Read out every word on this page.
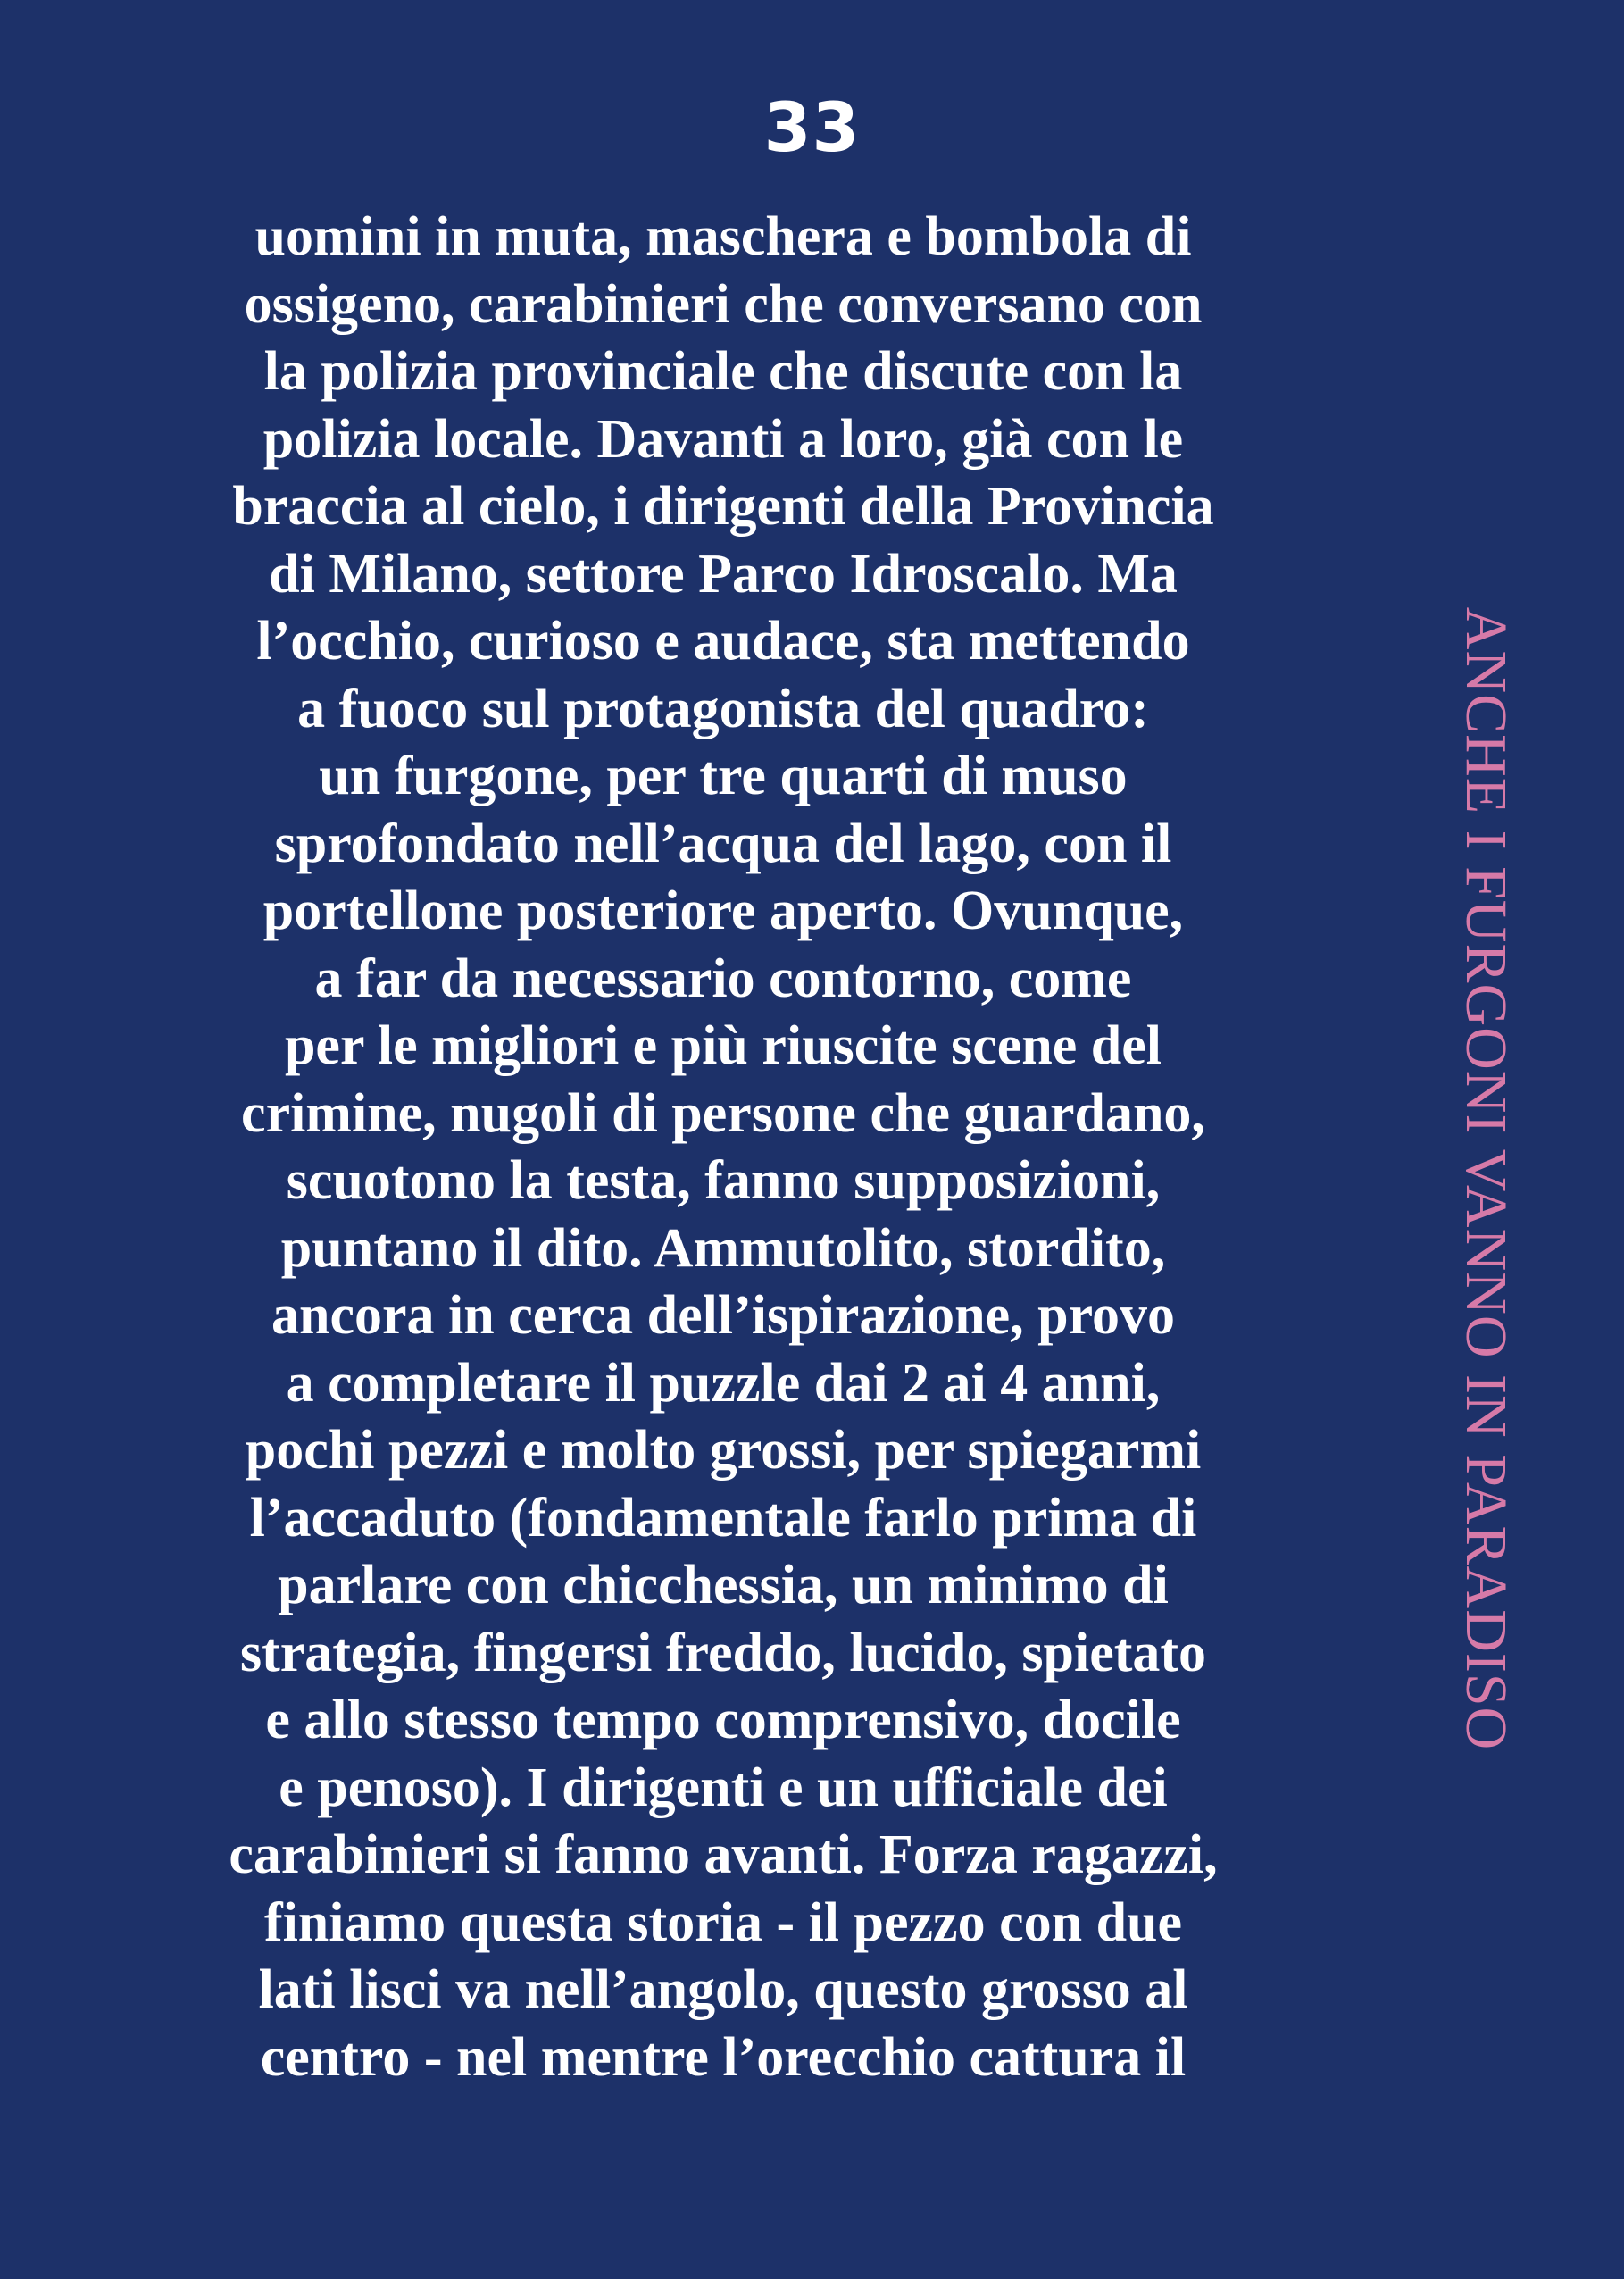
33

uomini in muta, maschera e bombola di
ossigeno, carabinieri che conversano con
la polizia provinciale che discute con la
polizia locale. Davanti a loro, già con le
braccia al cielo, i dirigenti della Provincia
di Milano, settore Parco Idroscalo. Ma
l’occhio, curioso e audace, sta mettendo
a fuoco sul protagonista del quadro:
un furgone, per tre quarti di muso
sprofondato nell’acqua del lago, con il
portellone posteriore aperto. Ovunque,
a far da necessario contorno, come
per le migliori e più riuscite scene del
crimine, nugoli di persone che guardano,
scuotono la testa, fanno supposizioni,
puntano il dito. Ammutolito, stordito,
ancora in cerca dell’ispirazione, provo
a completare il puzzle dai 2 ai 4 anni,
pochi pezzi e molto grossi, per spiegarmi
l’accaduto (fondamentale farlo prima di
parlare con chicchessia, un minimo di
strategia, fingersi freddo, lucido, spietato
e allo stesso tempo comprensivo, docile
e penoso). I dirigenti e un ufficiale dei
carabinieri si fanno avanti. Forza ragazzi,
finiamo questa storia - il pezzo con due
lati lisci va nell’angolo, questo grosso al
centro - nel mentre l’orecchio cattura il

ANCHE I FURGONI VANNO IN PARADISO
